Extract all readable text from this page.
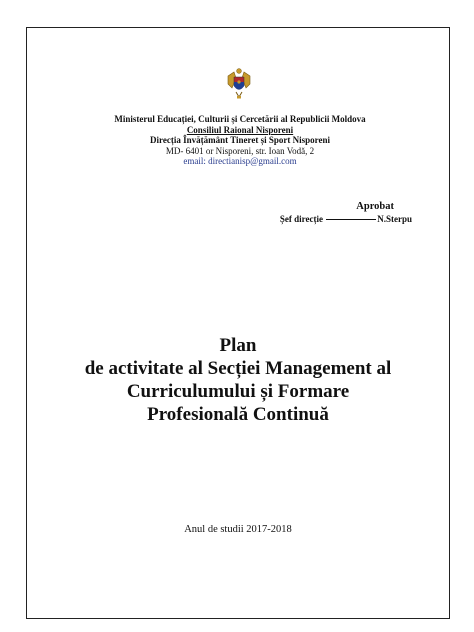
Ministerul Educației, Culturii și Cercetării al Republicii Moldova
Consiliul Raional Nisporeni
Direcția Învățământ Tineret și Sport Nisporeni
MD- 6401 or Nisporeni, str. Ioan Vodă, 2
email: directianisp@gmail.com
Aprobat
Șef direcție	N.Sterpu
Plan
de activitate al Secției Management al
Curriculumului și Formare
Profesională Continuă
Anul de studii 2017-2018
